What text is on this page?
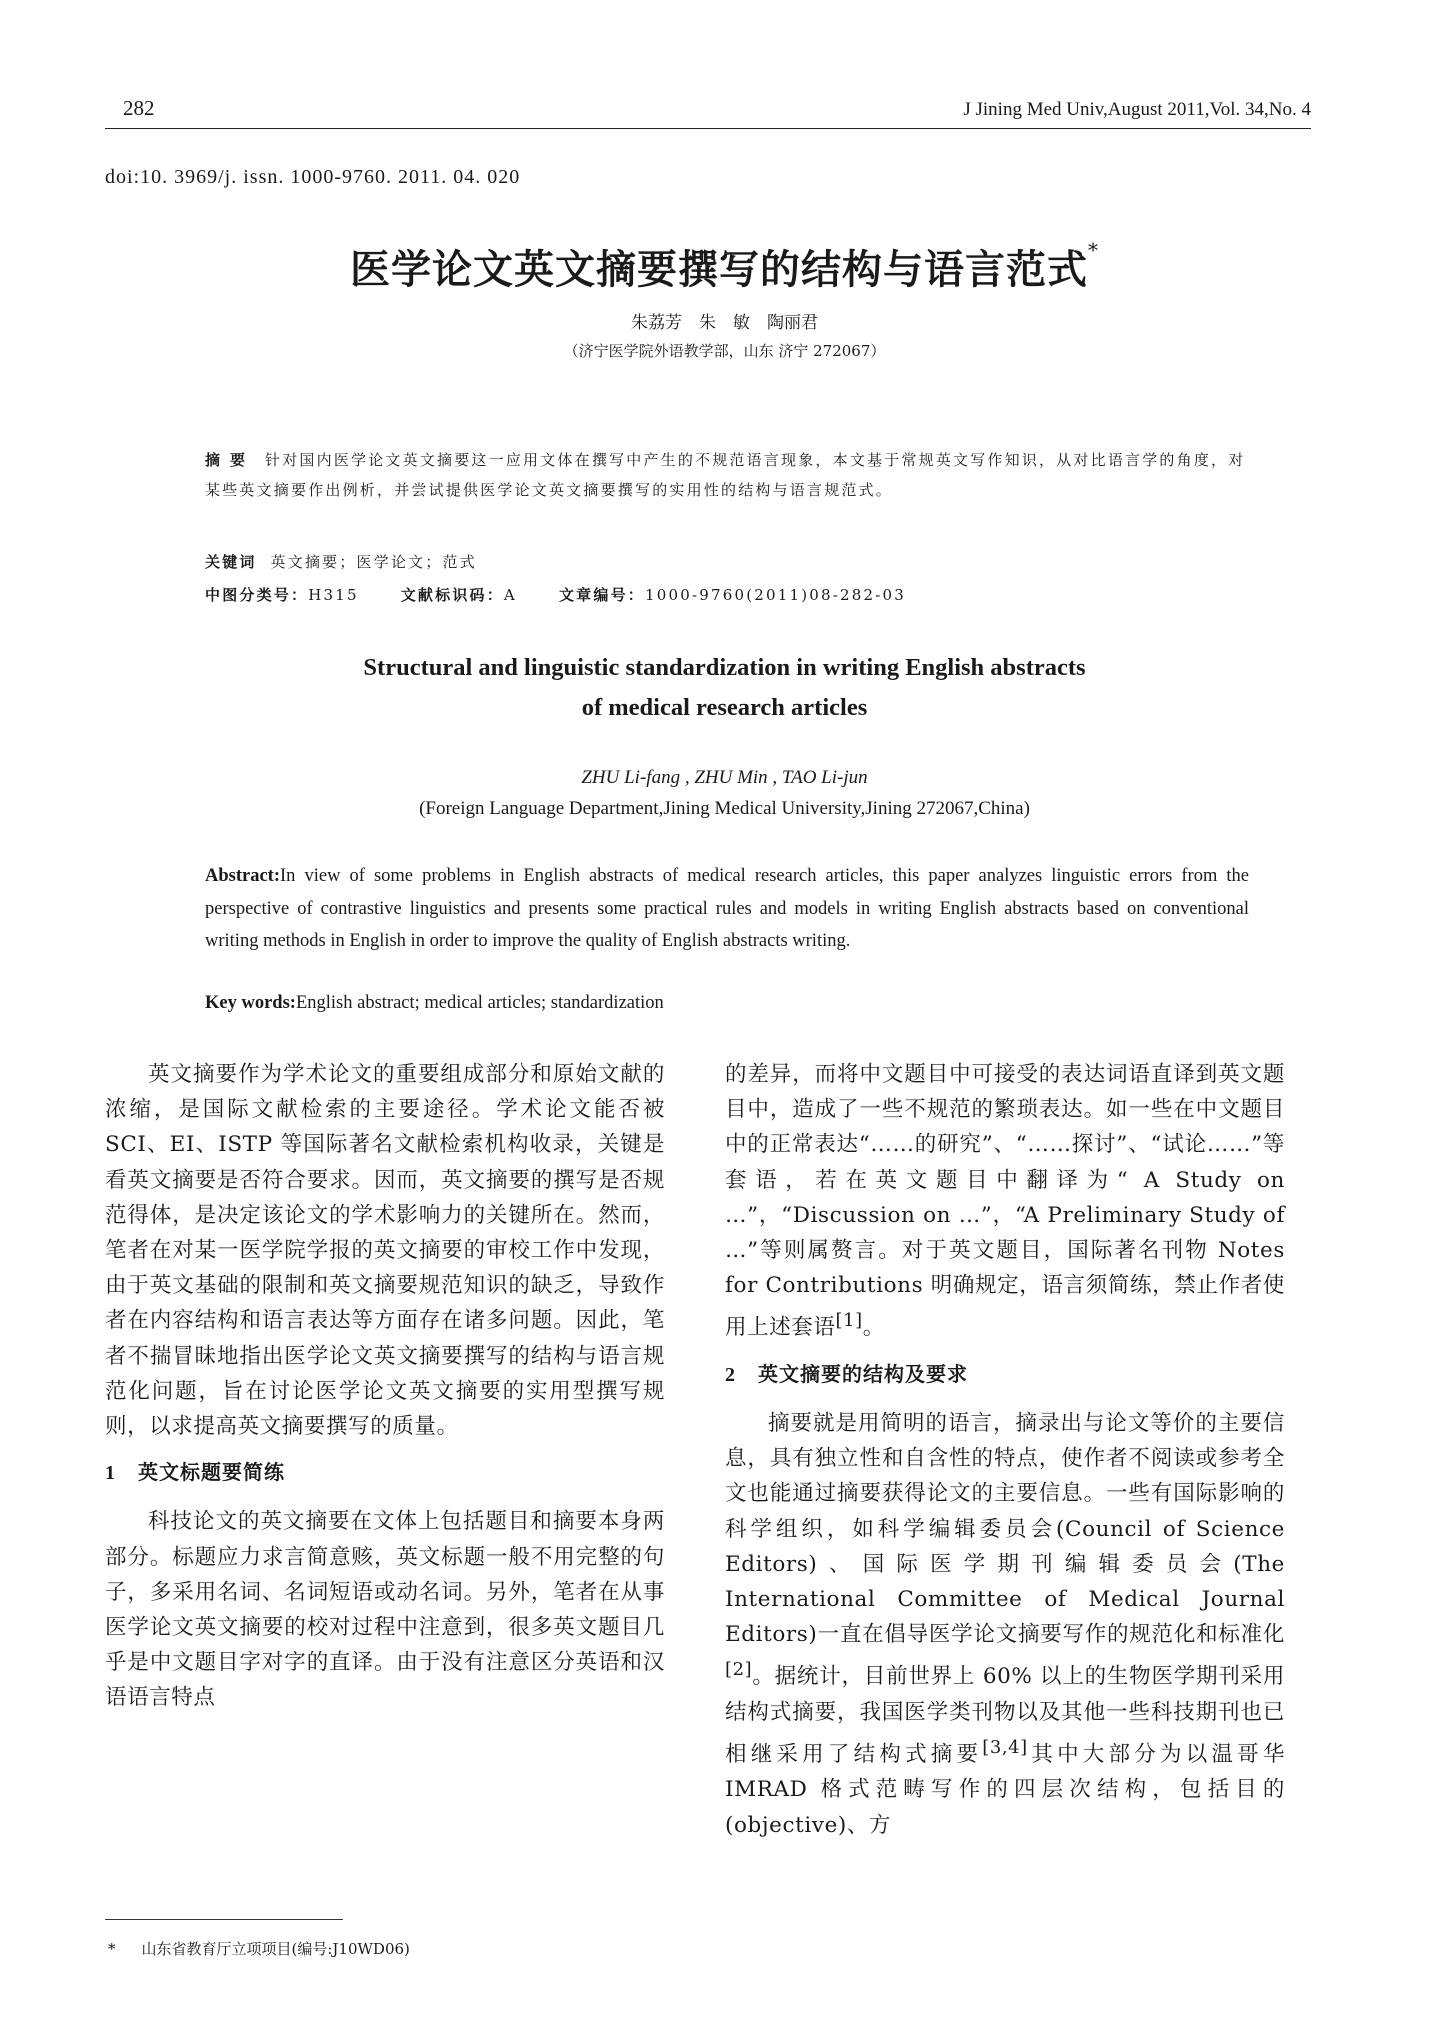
282	J Jining Med Univ,August 2011,Vol. 34,No. 4
doi:10. 3969/j. issn. 1000-9760. 2011. 04. 020
医学论文英文摘要撰写的结构与语言范式*
朱荔芳　朱　敏　陶丽君
（济宁医学院外语教学部，山东 济宁 272067）
摘要 针对国内医学论文英文摘要这一应用文体在撰写中产生的不规范语言现象，本文基于常规英文写作知识，从对比语言学的角度，对某些英文摘要作出例析，并尝试提供医学论文英文摘要撰写的实用性的结构与语言规范式。
关键词 英文摘要；医学论文；范式
中图分类号：H315	文献标识码：A	文章编号：1000-9760(2011)08-282-03
Structural and linguistic standardization in writing English abstracts
of medical research articles
ZHU Li-fang , ZHU Min , TAO Li-jun
(Foreign Language Department,Jining Medical University,Jining 272067,China)
Abstract:In view of some problems in English abstracts of medical research articles, this paper analyzes linguistic errors from the perspective of contrastive linguistics and presents some practical rules and models in writing English abstracts based on conventional writing methods in English in order to improve the quality of English abstracts writing.
Key words:English abstract; medical articles; standardization

英文摘要作为学术论文的重要组成部分和原始文献的浓缩，是国际文献检索的主要途径。学术论文能否被 SCI、EI、ISTP 等国际著名文献检索机构收录，关键是看英文摘要是否符合要求。因而，英文摘要的撰写是否规范得体，是决定该论文的学术影响力的关键所在。然而，笔者在对某一医学院学报的英文摘要的审校工作中发现，由于英文基础的限制和英文摘要规范知识的缺乏，导致作者在内容结构和语言表达等方面存在诸多问题。因此，笔者不揣冒昧地指出医学论文英文摘要撰写的结构与语言规范化问题，旨在讨论医学论文英文摘要的实用型撰写规则，以求提高英文摘要撰写的质量。

1 英文标题要简练

科技论文的英文摘要在文体上包括题目和摘要本身两部分。标题应力求言简意赅，英文标题一般不用完整的句子，多采用名词、名词短语或动名词。另外，笔者在从事医学论文英文摘要的校对过程中注意到，很多英文题目几乎是中文题目字对字的直译。由于没有注意区分英语和汉语语言特点

的差异，而将中文题目中可接受的表达词语直译到英文题目中，造成了一些不规范的繁琐表达。如一些在中文题目中的正常表达“……的研究”、“……探讨”、“试论……”等套语，若在英文题目中翻译为“ A Study on …”，“Discussion on …”，“A Preliminary Study of …”等则属赘言。对于英文题目，国际著名刊物 Notes for Contributions 明确规定，语言须简练，禁止作者使用上述套语[1]。

2 英文摘要的结构及要求

摘要就是用简明的语言，摘录出与论文等价的主要信息，具有独立性和自含性的特点，使作者不阅读或参考全文也能通过摘要获得论文的主要信息。一些有国际影响的科学组织，如科学编辑委员会(Council of Science Editors)、国际医学期刊编辑委员会(The International Committee of Medical Journal Editors)一直在倡导医学论文摘要写作的规范化和标准化[2]。据统计，目前世界上 60% 以上的生物医学期刊采用结构式摘要，我国医学类刊物以及其他一些科技期刊也已相继采用了结构式摘要[3,4]其中大部分为以温哥华 IMRAD 格式范畴写作的四层次结构，包括目的(objective)、方

* 山东省教育厅立项项目(编号:J10WD06)
